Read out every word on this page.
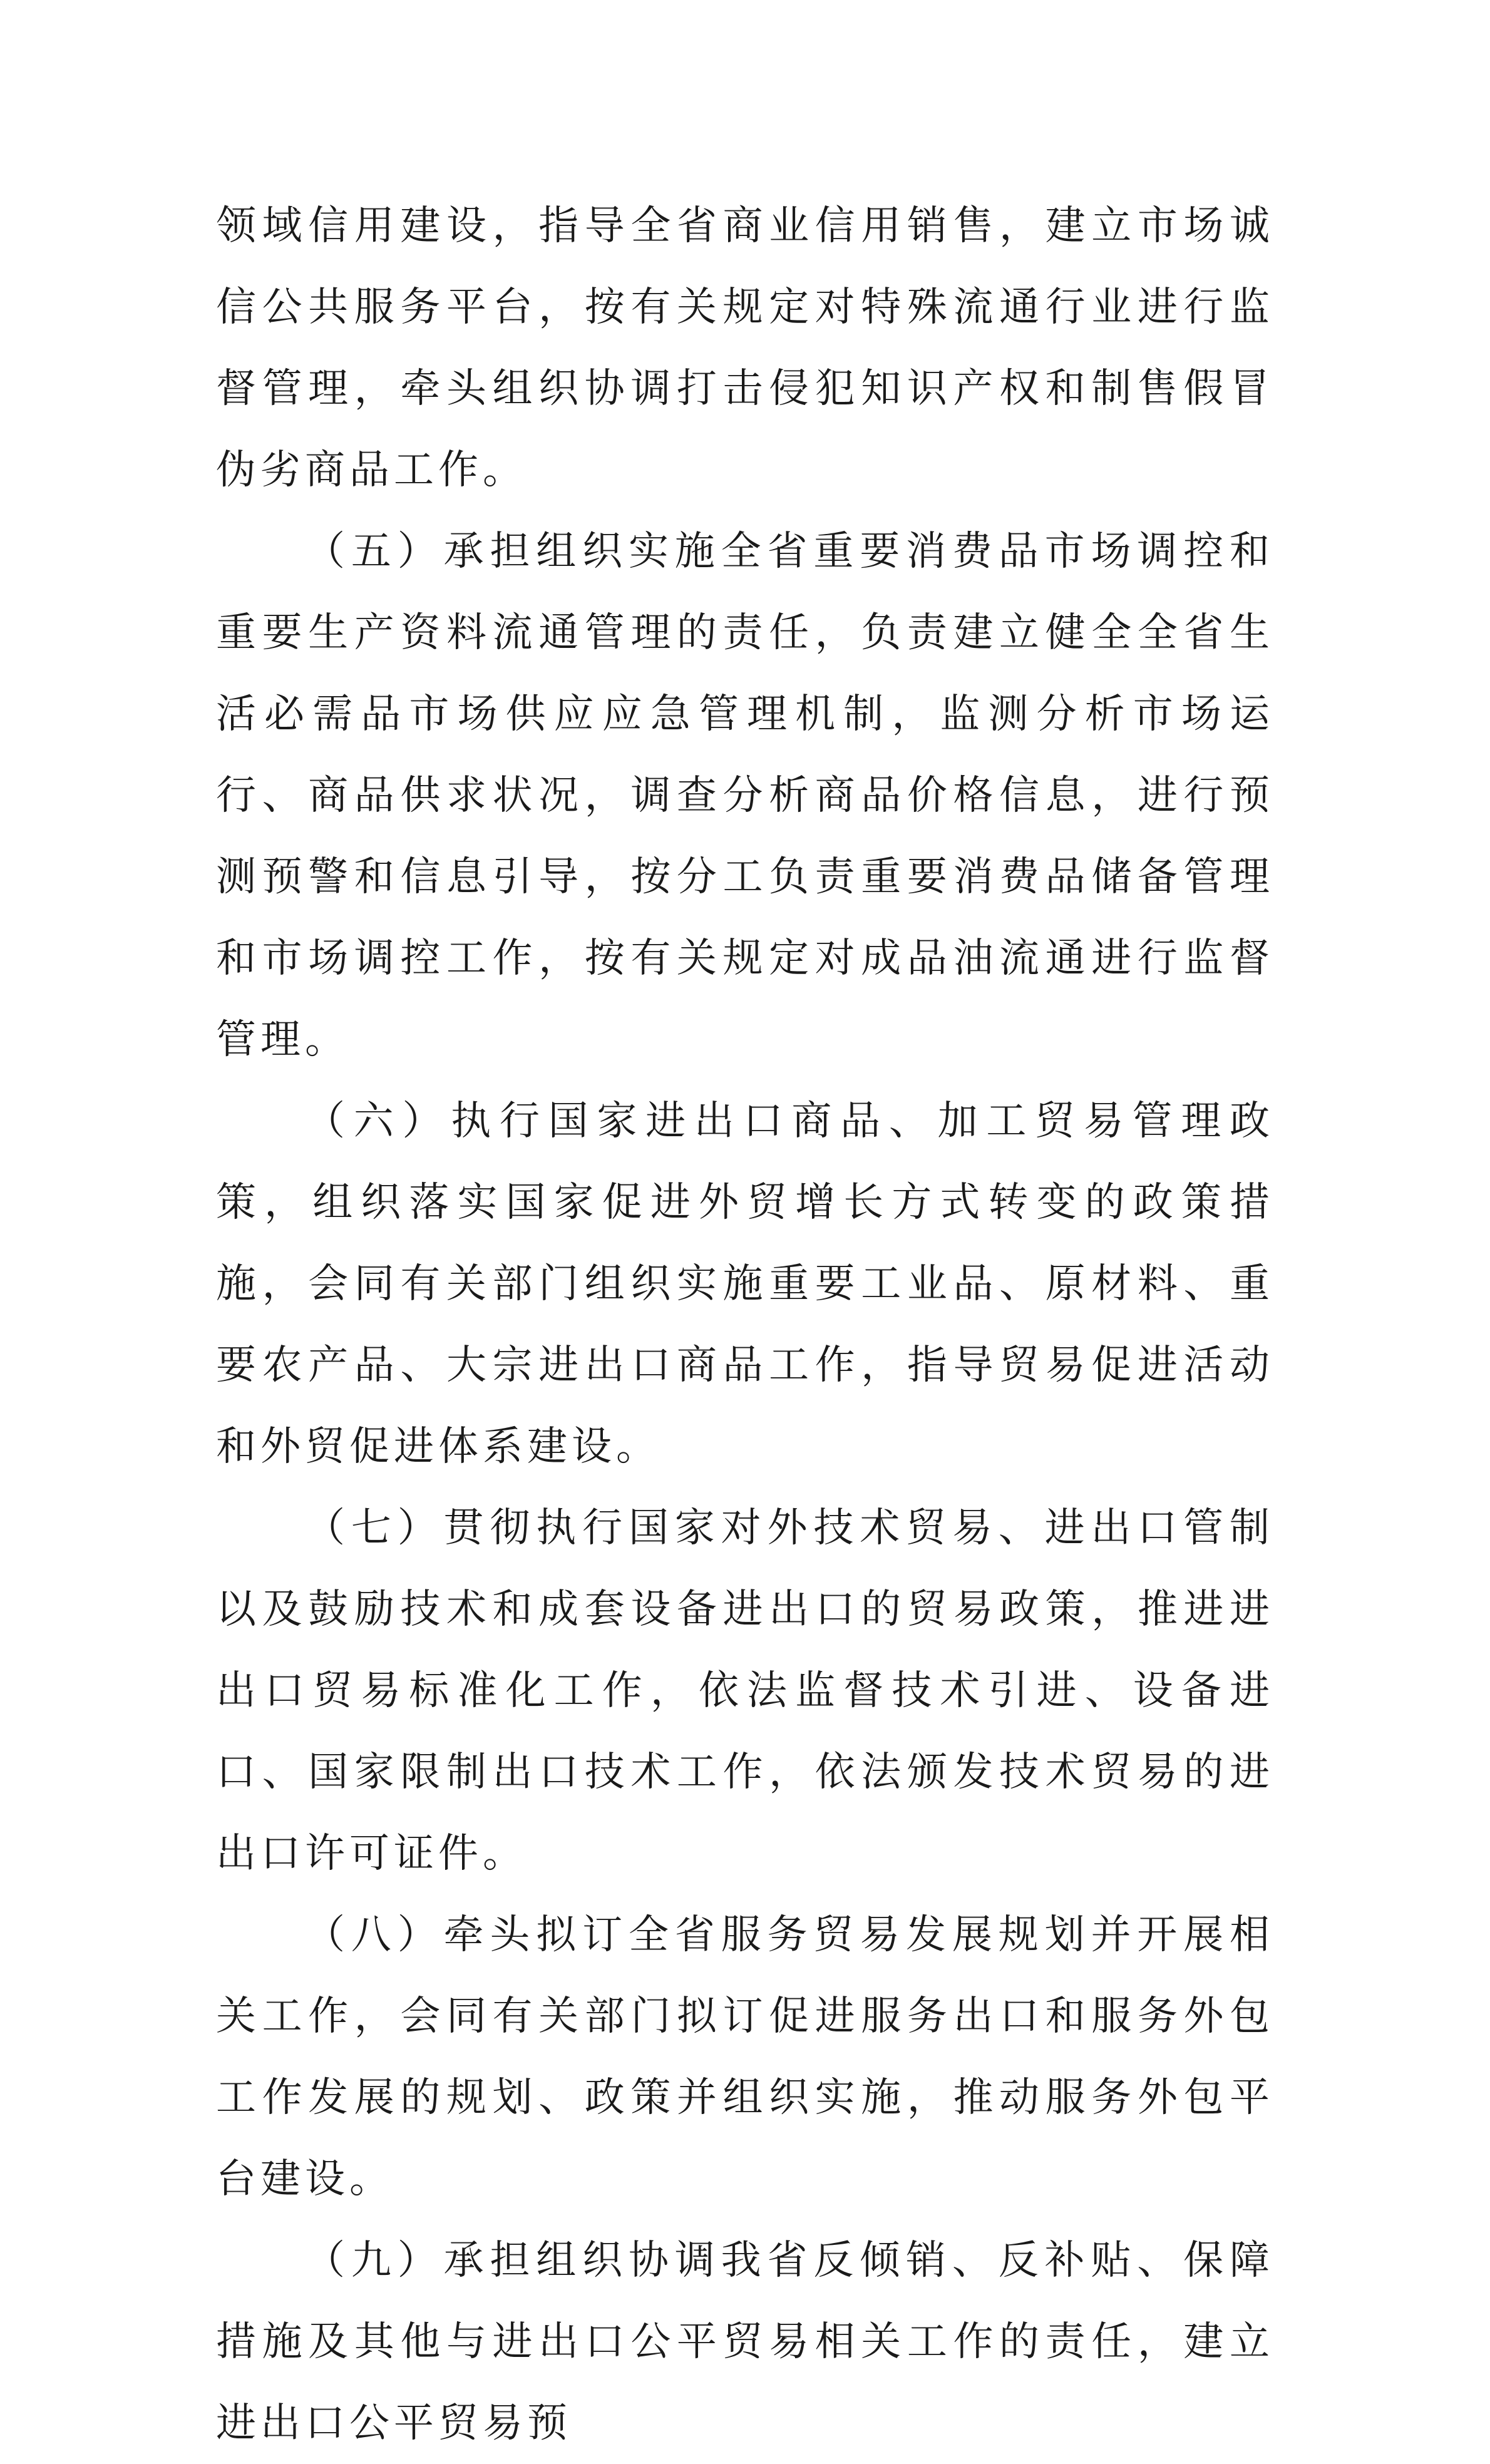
领域信用建设，指导全省商业信用销售，建立市场诚信公共服务平台，按有关规定对特殊流通行业进行监督管理，牵头组织协调打击侵犯知识产权和制售假冒伪劣商品工作。

（五）承担组织实施全省重要消费品市场调控和重要生产资料流通管理的责任，负责建立健全全省生活必需品市场供应应急管理机制，监测分析市场运行、商品供求状况，调查分析商品价格信息，进行预测预警和信息引导，按分工负责重要消费品储备管理和市场调控工作，按有关规定对成品油流通进行监督管理。

（六）执行国家进出口商品、加工贸易管理政策，组织落实国家促进外贸增长方式转变的政策措施，会同有关部门组织实施重要工业品、原材料、重要农产品、大宗进出口商品工作，指导贸易促进活动和外贸促进体系建设。

（七）贯彻执行国家对外技术贸易、进出口管制以及鼓励技术和成套设备进出口的贸易政策，推进进出口贸易标准化工作，依法监督技术引进、设备进口、国家限制出口技术工作，依法颁发技术贸易的进出口许可证件。

（八）牵头拟订全省服务贸易发展规划并开展相关工作，会同有关部门拟订促进服务出口和服务外包工作发展的规划、政策并组织实施，推动服务外包平台建设。

（九）承担组织协调我省反倾销、反补贴、保障措施及其他与进出口公平贸易相关工作的责任，建立进出口公平贸易预
